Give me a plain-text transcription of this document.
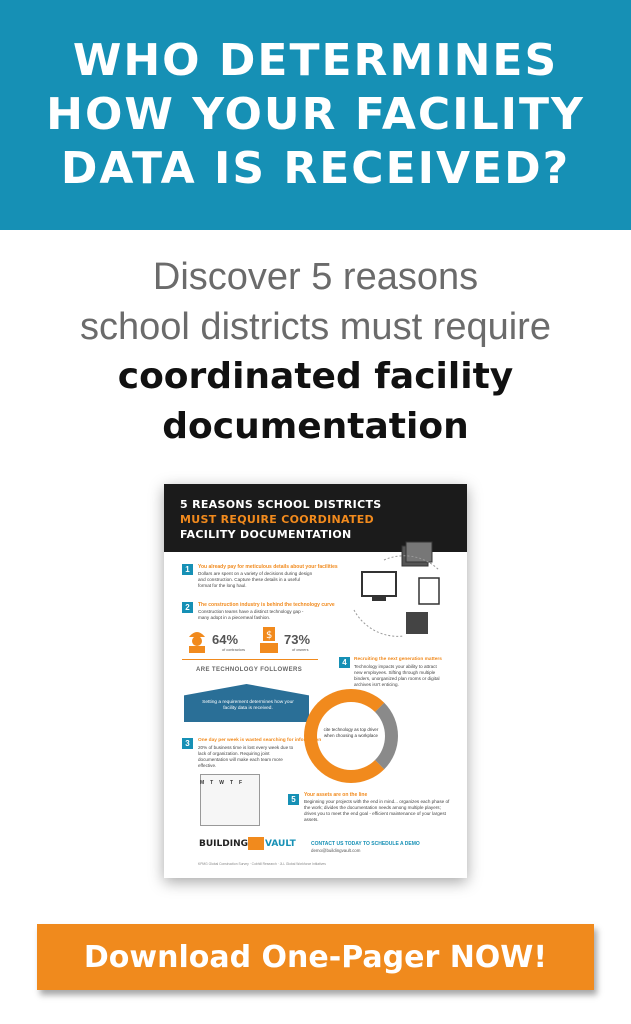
WHO DETERMINES
HOW YOUR FACILITY
DATA IS RECEIVED?
Discover 5 reasons
school districts must require
coordinated facility
documentation
5 REASONS SCHOOL DISTRICTS
MUST REQUIRE COORDINATED
FACILITY DOCUMENTATION
1	You already pay for meticulous details about your facilities
Dollars are spent on a variety of decisions during design and construction. Capture these details in a useful format for the long haul.
2	The construction industry is behind the technology curve
Construction teams have a distinct technology gap - many adopt in a piecemeal fashion.
64%
of contractors
$ 73%
of owners
ARE TECHNOLOGY FOLLOWERS
Setting a requirement determines how your facility data is received.
4	Recruiting the next generation matters
Technology impacts your ability to attract new employees. Sifting through multiple binders, unorganized plan rooms or digital archives isn't enticing.
cite technology as top driver when choosing a workplace
3	One day per week is wasted searching for information
20% of business time is lost every week due to lack of organization. Requiring joint documentation will make each team more effective.
MTWTF
5	Your assets are on the line
Beginning your projects with the end in mind... organizes each phase of the work; divides the documentation needs among multiple players; drives you to meet the end goal - efficient maintenance of your largest assets.
BUILDING VAULT	CONTACT US TODAY TO SCHEDULE A DEMO
demo@buildingvault.com
KPMG Global Construction Survey · Cobhill Research · JLL Global Workforce Initiatives
Download One-Pager NOW!
